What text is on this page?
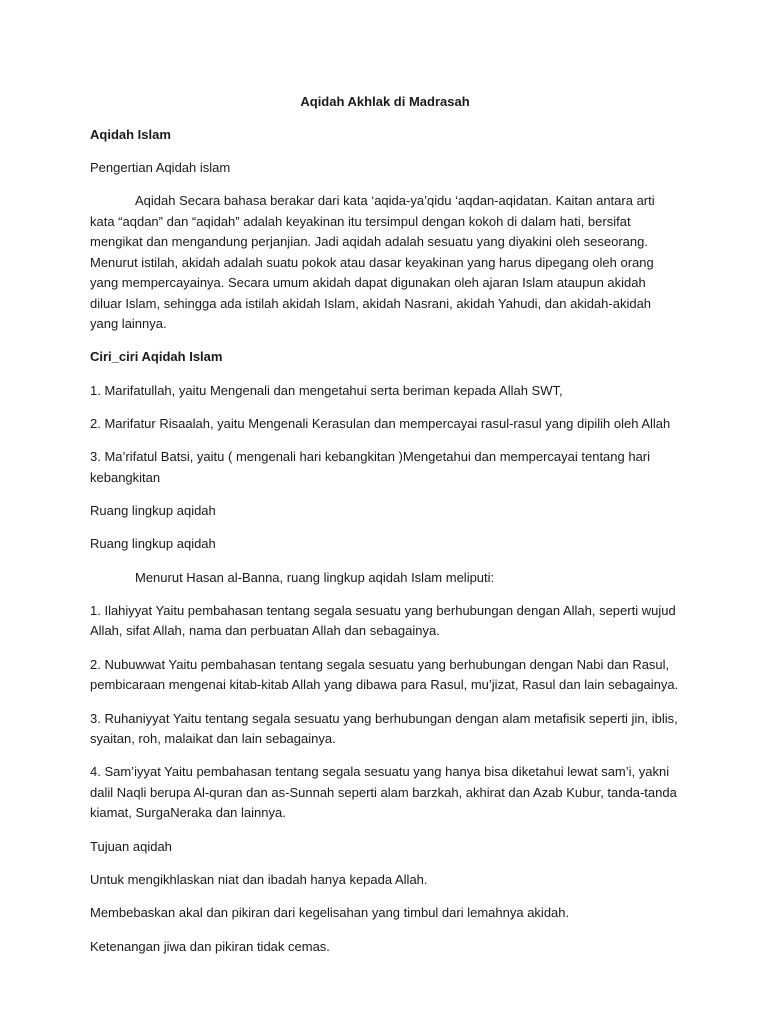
Aqidah Akhlak di Madrasah

Aqidah Islam

Pengertian Aqidah islam

Aqidah Secara bahasa berakar dari kata ‘aqida-ya’qidu ‘aqdan-aqidatan. Kaitan antara arti kata “aqdan” dan “aqidah” adalah keyakinan itu tersimpul dengan kokoh di dalam hati, bersifat mengikat dan mengandung perjanjian. Jadi aqidah adalah sesuatu yang diyakini oleh seseorang. Menurut istilah, akidah adalah suatu pokok atau dasar keyakinan yang harus dipegang oleh orang yang mempercayainya. Secara umum akidah dapat digunakan oleh ajaran Islam ataupun akidah diluar Islam, sehingga ada istilah akidah Islam, akidah Nasrani, akidah Yahudi, dan akidah-akidah yang lainnya.

Ciri_ciri Aqidah Islam

1. Marifatullah, yaitu Mengenali dan mengetahui serta beriman kepada Allah SWT,

2. Marifatur Risaalah, yaitu Mengenali Kerasulan dan mempercayai rasul-rasul yang dipilih oleh Allah

3. Ma’rifatul Batsi, yaitu ( mengenali hari kebangkitan )Mengetahui dan mempercayai tentang hari kebangkitan

Ruang lingkup aqidah

Ruang lingkup aqidah

Menurut Hasan al-Banna, ruang lingkup aqidah Islam meliputi:

1. Ilahiyyat Yaitu pembahasan tentang segala sesuatu yang berhubungan dengan Allah, seperti wujud Allah, sifat Allah, nama dan perbuatan Allah dan sebagainya.

2. Nubuwwat Yaitu pembahasan tentang segala sesuatu yang berhubungan dengan Nabi dan Rasul, pembicaraan mengenai kitab-kitab Allah yang dibawa para Rasul, mu’jizat, Rasul dan lain sebagainya.

3. Ruhaniyyat Yaitu tentang segala sesuatu yang berhubungan dengan alam metafisik seperti jin, iblis, syaitan, roh, malaikat dan lain sebagainya.

4. Sam’iyyat Yaitu pembahasan tentang segala sesuatu yang hanya bisa diketahui lewat sam’i, yakni dalil Naqli berupa Al-quran dan as-Sunnah seperti alam barzkah, akhirat dan Azab Kubur, tanda-tanda kiamat, SurgaNeraka dan lainnya.

Tujuan aqidah

Untuk mengikhlaskan niat dan ibadah hanya kepada Allah.

Membebaskan akal dan pikiran dari kegelisahan yang timbul dari lemahnya akidah.

Ketenangan jiwa dan pikiran tidak cemas.
